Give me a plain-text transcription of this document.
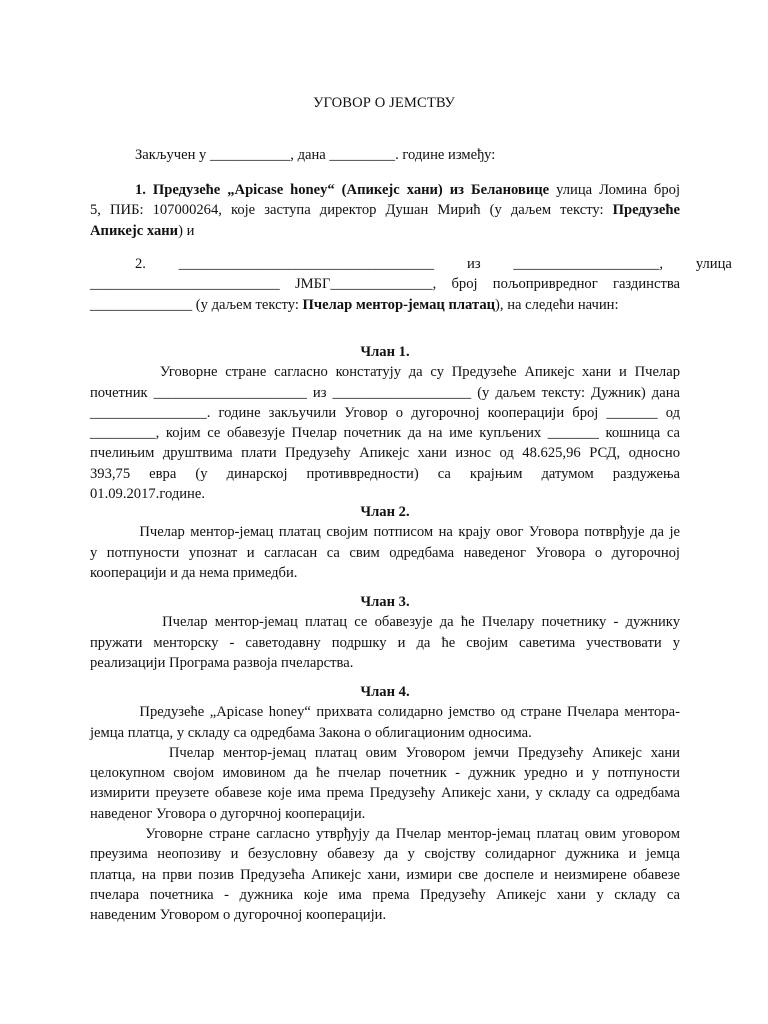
УГОВОР О ЈЕМСТВУ
Закључен у ___________, дана _________. године између:
1. Предузеће „Apicase honey“ (Апикејс хани) из Белановице улица Ломина број
5, ПИБ: 107000264, које заступа директор Душан Мирић (у даљем тексту: Предузеће
Апикејс хани) и
2.         ___________________________________         из         ____________________,         улица
__________________________  ЈМБГ______________,  број  пољопривредног  газдинства
______________ (у даљем тексту: Пчелар ментор-јемац платац), на следећи начин:
Члан 1.
Уговорне стране сагласно констатују да су Предузеће Апикејс хани и Пчелар
почетник _____________________ из ___________________ (у даљем тексту: Дужник) дана
________________. године закључили Уговор о дугорочној кооперацији број _______ од
_________, којим се обавезује Пчелар почетник да на име купљених _______ кошница са
пчелињим друштвима плати Предузећу Апикејс хани износ од 48.625,96 РСД, односно
393,75 евра (у динарској противвредности) са крајњим датумом раздужења
01.09.2017.године.
Члан 2.
Пчелар ментор-јемац платац својим потписом на крају овог Уговора потврђује да је
у потпуности упознат и сагласан са свим одредбама наведеног Уговора о дугорочној
кооперацији и да нема примедби.
Члан 3.
Пчелар ментор-јемац платац се обавезује да ће Пчелару почетнику - дужнику
пружати менторску - саветодавну подршку и да ће својим саветима учествовати у
реализацији Програма развоја пчеларства.
Члан 4.
Предузеће „Apicase honey“ прихвата солидарно јемство од стране Пчелара ментора-
јемца платца, у складу са одредбама Закона о облигационим односима.
Пчелар ментор-јемац платац овим Уговором јемчи Предузећу Апикејс хани
целокупном својом имовином да ће пчелар почетник - дужник уредно и у потпуности
измирити преузете обавезе које има према Предузећу Апикејс хани, у складу са одредбама
наведеног Уговора о дугорчној кооперацији.
Уговорне стране сагласно утврђују да Пчелар ментор-јемац платац овим уговором
преузима неопозиву и безусловну обавезу да у својству солидарног дужника и јемца
платца, на први позив Предузећа Апикејс хани, измири све доспеле и неизмирене обавезе
пчелара почетника - дужника које има према Предузећу Апикејс хани у складу са
наведеним Уговором о дугорочној кооперацији.
